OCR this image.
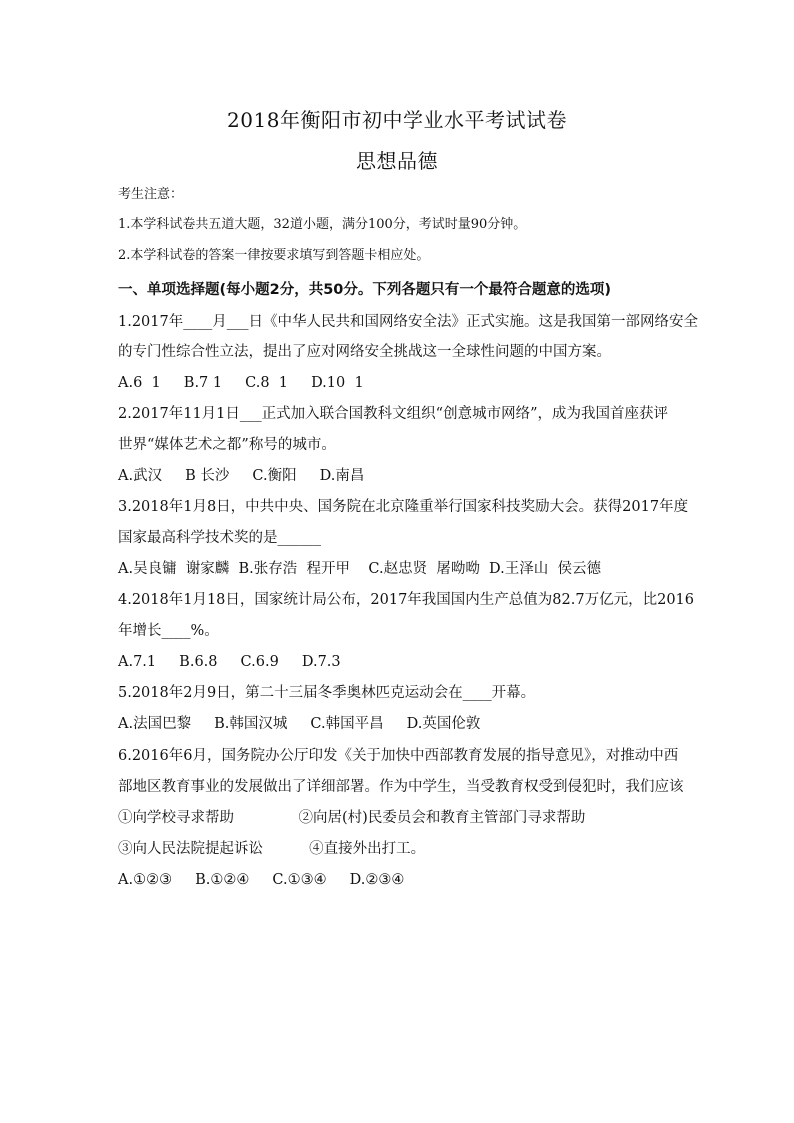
2018年衡阳市初中学业水平考试试卷
思想品德
考生注意：
1.本学科试卷共五道大题，32道小题，满分100分，考试时量90分钟。
2.本学科试卷的答案一律按要求填写到答题卡相应处。
一、单项选择题(每小题2分，共50分。下列各题只有一个最符合题意的选项)
1.2017年____月___日《中华人民共和国网络安全法》正式实施。这是我国第一部网络安全
的专门性综合性立法，提出了应对网络安全挑战这一全球性问题的中国方案。
A.6  1     B.7 1     C.8  1     D.10  1
2.2017年11月1日___正式加入联合国教科文组织“创意城市网络”，成为我国首座获评
世界“媒体艺术之都”称号的城市。
A.武汉     B 长沙     C.衡阳     D.南昌
3.2018年1月8日，中共中央、国务院在北京隆重举行国家科技奖励大会。获得2017年度
国家最高科学技术奖的是______
A.吴良镛  谢家麟  B.张存浩  程开甲    C.赵忠贤  屠呦呦  D.王泽山  侯云德
4.2018年1月18日，国家统计局公布，2017年我国国内生产总值为82.7万亿元，比2016
年增长____%。
A.7.1     B.6.8     C.6.9     D.7.3
5.2018年2月9日，第二十三届冬季奥林匹克运动会在____开幕。
A.法国巴黎     B.韩国汉城     C.韩国平昌     D.英国伦敦
6.2016年6月，国务院办公厅印发《关于加快中西部教育发展的指导意见》，对推动中西
部地区教育事业的发展做出了详细部署。作为中学生，当受教育权受到侵犯时，我们应该
①向学校寻求帮助              ②向居(村)民委员会和教育主管部门寻求帮助
③向人民法院提起诉讼          ④直接外出打工。
A.①②③     B.①②④     C.①③④     D.②③④
